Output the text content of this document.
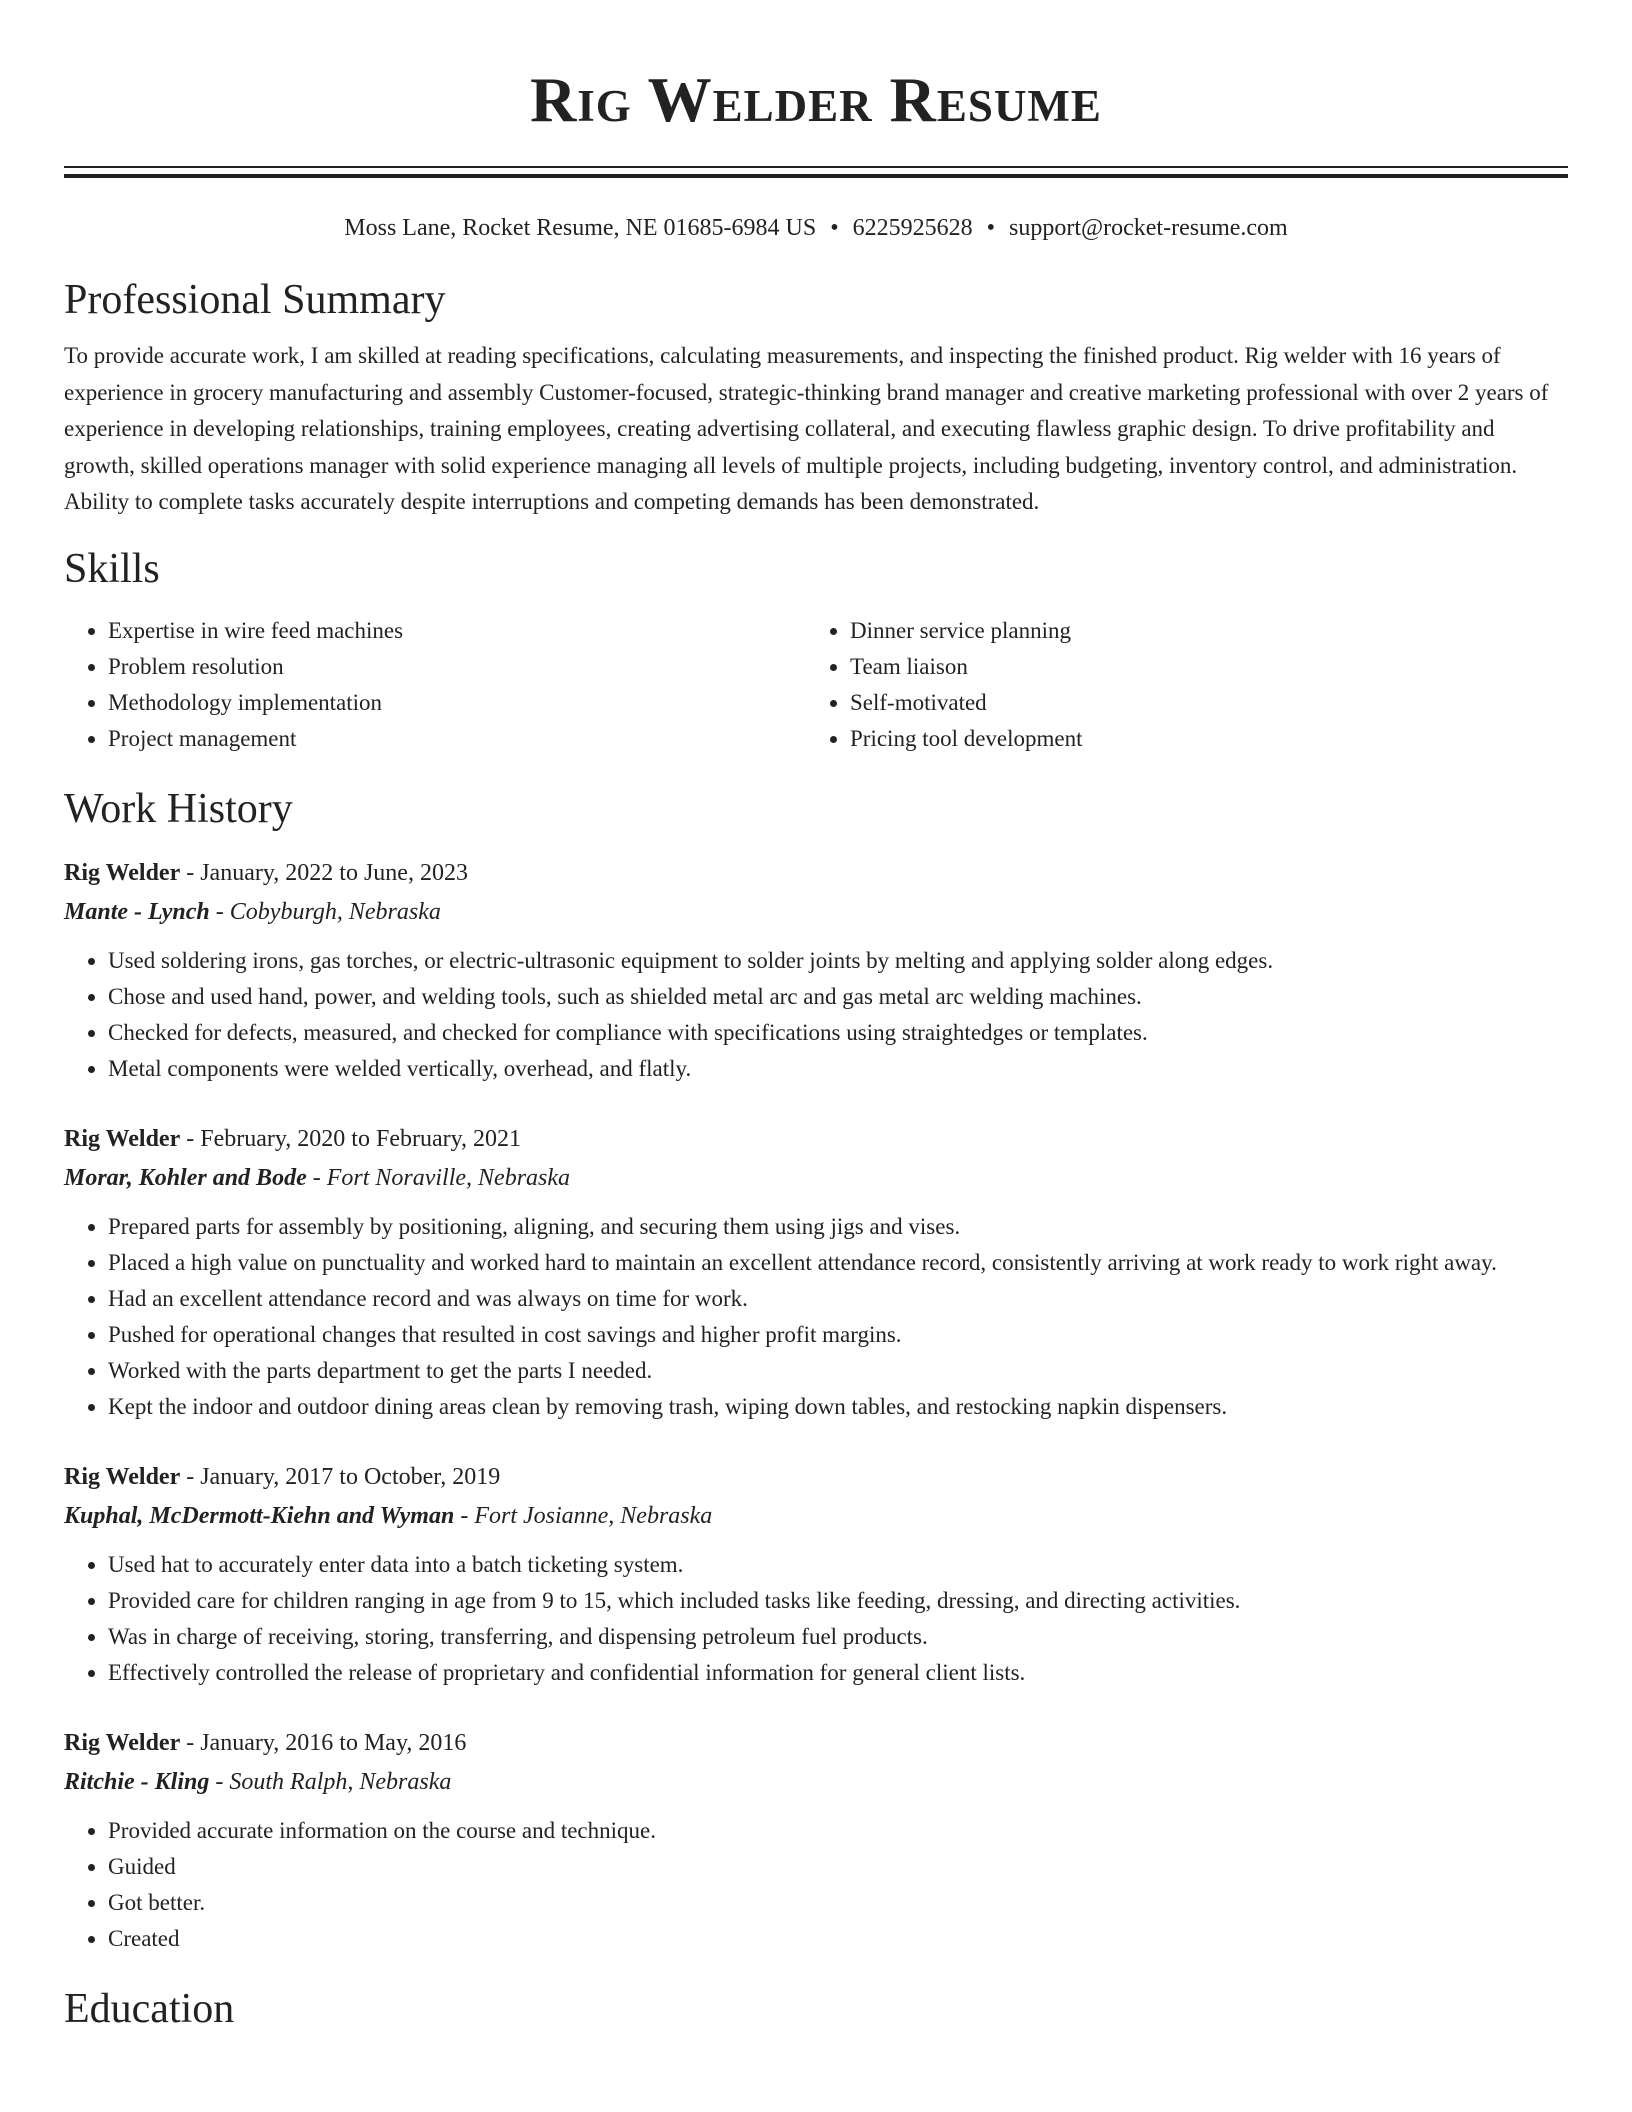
Rig Welder Resume
Moss Lane, Rocket Resume, NE 01685-6984 US • 6225925628 • support@rocket-resume.com
Professional Summary
To provide accurate work, I am skilled at reading specifications, calculating measurements, and inspecting the finished product. Rig welder with 16 years of experience in grocery manufacturing and assembly Customer-focused, strategic-thinking brand manager and creative marketing professional with over 2 years of experience in developing relationships, training employees, creating advertising collateral, and executing flawless graphic design. To drive profitability and growth, skilled operations manager with solid experience managing all levels of multiple projects, including budgeting, inventory control, and administration. Ability to complete tasks accurately despite interruptions and competing demands has been demonstrated.
Skills
• Expertise in wire feed machines
• Problem resolution
• Methodology implementation
• Project management
• Dinner service planning
• Team liaison
• Self-motivated
• Pricing tool development
Work History
Rig Welder - January, 2022 to June, 2023
Mante - Lynch - Cobyburgh, Nebraska
• Used soldering irons, gas torches, or electric-ultrasonic equipment to solder joints by melting and applying solder along edges.
• Chose and used hand, power, and welding tools, such as shielded metal arc and gas metal arc welding machines.
• Checked for defects, measured, and checked for compliance with specifications using straightedges or templates.
• Metal components were welded vertically, overhead, and flatly.
Rig Welder - February, 2020 to February, 2021
Morar, Kohler and Bode - Fort Noraville, Nebraska
• Prepared parts for assembly by positioning, aligning, and securing them using jigs and vises.
• Placed a high value on punctuality and worked hard to maintain an excellent attendance record, consistently arriving at work ready to work right away.
• Had an excellent attendance record and was always on time for work.
• Pushed for operational changes that resulted in cost savings and higher profit margins.
• Worked with the parts department to get the parts I needed.
• Kept the indoor and outdoor dining areas clean by removing trash, wiping down tables, and restocking napkin dispensers.
Rig Welder - January, 2017 to October, 2019
Kuphal, McDermott-Kiehn and Wyman - Fort Josianne, Nebraska
• Used hat to accurately enter data into a batch ticketing system.
• Provided care for children ranging in age from 9 to 15, which included tasks like feeding, dressing, and directing activities.
• Was in charge of receiving, storing, transferring, and dispensing petroleum fuel products.
• Effectively controlled the release of proprietary and confidential information for general client lists.
Rig Welder - January, 2016 to May, 2016
Ritchie - Kling - South Ralph, Nebraska
• Provided accurate information on the course and technique.
• Guided
• Got better.
• Created
Education
